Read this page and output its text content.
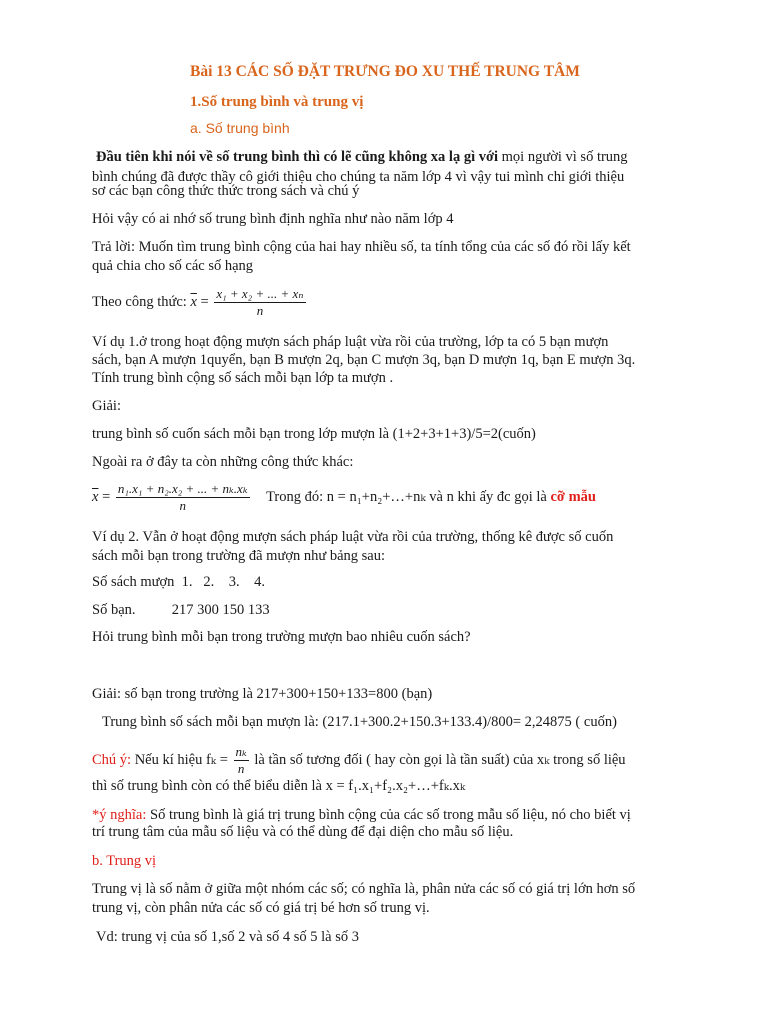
Bài 13 CÁC SỐ ĐẶT TRƯNG ĐO XU THẾ TRUNG TÂM
1.Số trung bình và trung vị
a. Số trung bình
Đầu tiên khi nói về số trung bình thì có lẽ cũng không xa lạ gì với mọi người vì số trung
bình chúng đã được thầy cô giới thiệu cho chúng ta năm lớp 4 vì vậy tui mình chỉ giới thiệu
sơ các bạn công thức thức trong sách và chú ý
Hỏi vậy có ai nhớ số trung bình định nghĩa như nào năm lớp 4
Trả lời: Muốn tìm trung bình cộng của hai hay nhiều số, ta tính tổng của các số đó rồi lấy kết
quả chia cho số các số hạng
Theo công thức: $\overline{x} = \frac{\text{x₁ + x₂ + ... + xₙ}}{n}$
Ví dụ 1.ở trong hoạt động mượn sách pháp luật vừa rồi của trường, lớp ta có 5 bạn mượn
sách, bạn A mượn 1quyển, bạn B mượn 2q, bạn C mượn 3q, bạn D mượn 1q, bạn E mượn 3q.
Tính trung bình cộng số sách mỗi bạn lớp ta mượn .
Giải:
trung bình số cuốn sách mỗi bạn trong lớp mượn là (1+2+3+1+3)/5=2(cuốn)
Ngoài ra ở đây ta còn những công thức khác:
$\overline{x} = \frac{\text{n₁.x₁ + n₂.x₂ + ... + nₖ.xₖ}}{n}$ Trong đó: n = n₁+n₂+…+nₖ và n khi ấy đc gọi là cỡ mẫu
Ví dụ 2. Vẫn ở hoạt động mượn sách pháp luật vừa rồi của trường, thống kê được số cuốn
sách mỗi bạn trong trường đã mượn như bảng sau:
Số sách mượn  1.   2.    3.    4.
Số bạn.          217 300 150 133
Hỏi trung bình mỗi bạn trong trường mượn bao nhiêu cuốn sách?
Giải: số bạn trong trường là 217+300+150+133=800 (bạn)
Trung bình số sách mỗi bạn mượn là: (217.1+300.2+150.3+133.4)/800= 2,24875 ( cuốn)
Chú ý: Nếu kí hiệu $f_k = \frac{\text{nₖ}}{n}$ là tần số tương đối ( hay còn gọi là tần suất) của xₖ trong số liệu
thì số trung bình còn có thể biểu diễn là x = f₁.x₁+f₂.x₂+…+fₖ.xₖ
*ý nghĩa: Số trung bình là giá trị trung bình cộng của các số trong mẫu số liệu, nó cho biết vị
trí trung tâm của mẫu số liệu và có thể dùng để đại diện cho mẫu số liệu.
b. Trung vị
Trung vị là số nằm ở giữa một nhóm các số; có nghĩa là, phân nửa các số có giá trị lớn hơn số
trung vị, còn phân nửa các số có giá trị bé hơn số trung vị.
Vd: trung vị của số 1,số 2 và số 4 số 5 là số 3
